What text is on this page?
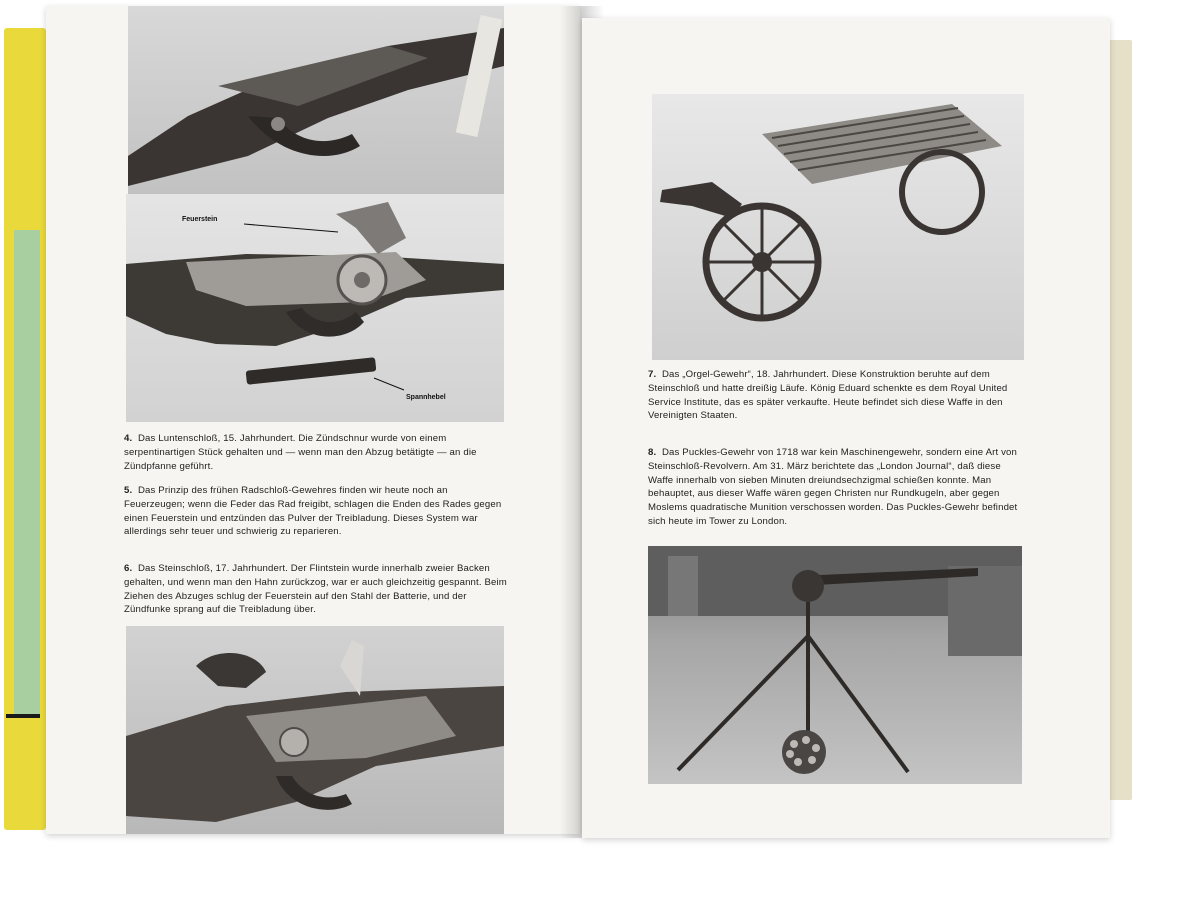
Feuerstein
Spannhebel

4. Das Luntenschloß, 15. Jahrhundert. Die Zündschnur wurde von einem serpentinartigen Stück gehalten und — wenn man den Abzug betätigte — an die Zündpfanne geführt.

5. Das Prinzip des frühen Radschloß-Gewehres finden wir heute noch an Feuerzeugen; wenn die Feder das Rad freigibt, schlagen die Enden des Rades gegen einen Feuerstein und entzünden das Pulver der Treibladung. Dieses System war allerdings sehr teuer und schwierig zu reparieren.

6. Das Steinschloß, 17. Jahrhundert. Der Flintstein wurde innerhalb zweier Backen gehalten, und wenn man den Hahn zurückzog, war er auch gleichzeitig gespannt. Beim Ziehen des Abzuges schlug der Feuerstein auf den Stahl der Batterie, und der Zündfunke sprang auf die Treibladung über.

7. Das „Orgel-Gewehr“, 18. Jahrhundert. Diese Konstruktion beruhte auf dem Steinschloß und hatte dreißig Läufe. König Eduard schenkte es dem Royal United Service Institute, das es später verkaufte. Heute befindet sich diese Waffe in den Vereinigten Staaten.

8. Das Puckles-Gewehr von 1718 war kein Maschinengewehr, sondern eine Art von Steinschloß-Revolvern. Am 31. März berichtete das „London Journal“, daß diese Waffe innerhalb von sieben Minuten dreiundsechzigmal schießen konnte. Man behauptet, aus dieser Waffe wären gegen Christen nur Rundkugeln, aber gegen Moslems quadratische Munition verschossen worden. Das Puckles-Gewehr befindet sich heute im Tower zu London.
